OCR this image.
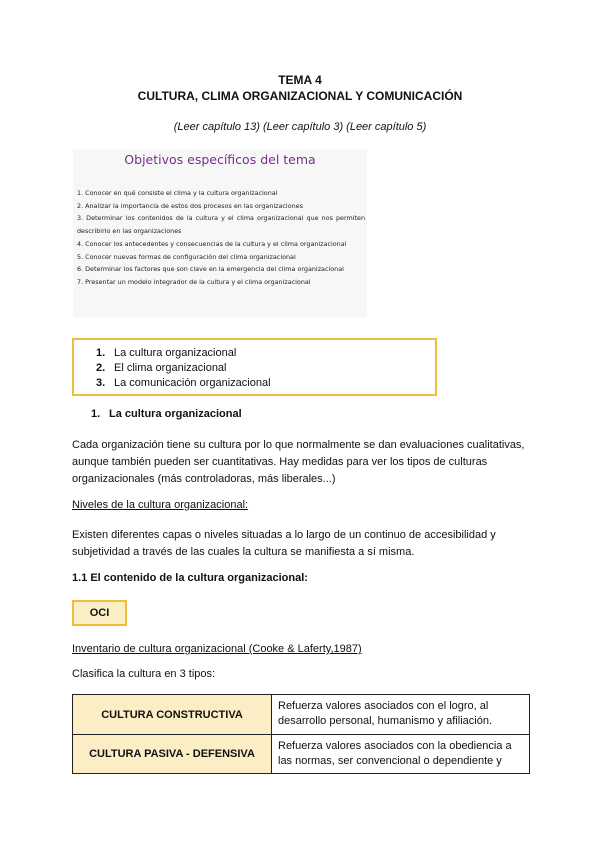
TEMA 4
CULTURA, CLIMA ORGANIZACIONAL Y COMUNICACIÓN
(Leer capítulo 13) (Leer capítulo 3) (Leer capítulo 5)
Objetivos específicos del tema
1. Conocer en qué consiste el clima y la cultura organizacional
2. Analizar la importancia de estos dos procesos en las organizaciones
3. Determinar los contenidos de la cultura y el clima organizacional que nos permiten describirlo en las organizaciones
4. Conocer los antecedentes y consecuencias de la cultura y el clima organizacional
5. Conocer nuevas formas de configuración del clima organizacional
6. Determinar los factores que son clave en la emergencia del clima organizacional
7. Presentar un modelo integrador de la cultura y el clima organizacional
1. La cultura organizacional
2. El clima organizacional
3. La comunicación organizacional
1. La cultura organizacional
Cada organización tiene su cultura por lo que normalmente se dan evaluaciones cualitativas, aunque también pueden ser cuantitativas. Hay medidas para ver los tipos de culturas organizacionales (más controladoras, más liberales...)
Niveles de la cultura organizacional:
Existen diferentes capas o niveles situadas a lo largo de un continuo de accesibilidad y subjetividad a través de las cuales la cultura se manifiesta a sí misma.
1.1 El contenido de la cultura organizacional:
OCI
Inventario de cultura organizacional (Cooke & Laferty,1987)
Clasifica la cultura en 3 tipos:
CULTURA CONSTRUCTIVA	Refuerza valores asociados con el logro, al desarrollo personal, humanismo y afiliación.
CULTURA PASIVA - DEFENSIVA	Refuerza valores asociados con la obediencia a las normas, ser convencional o dependiente y
